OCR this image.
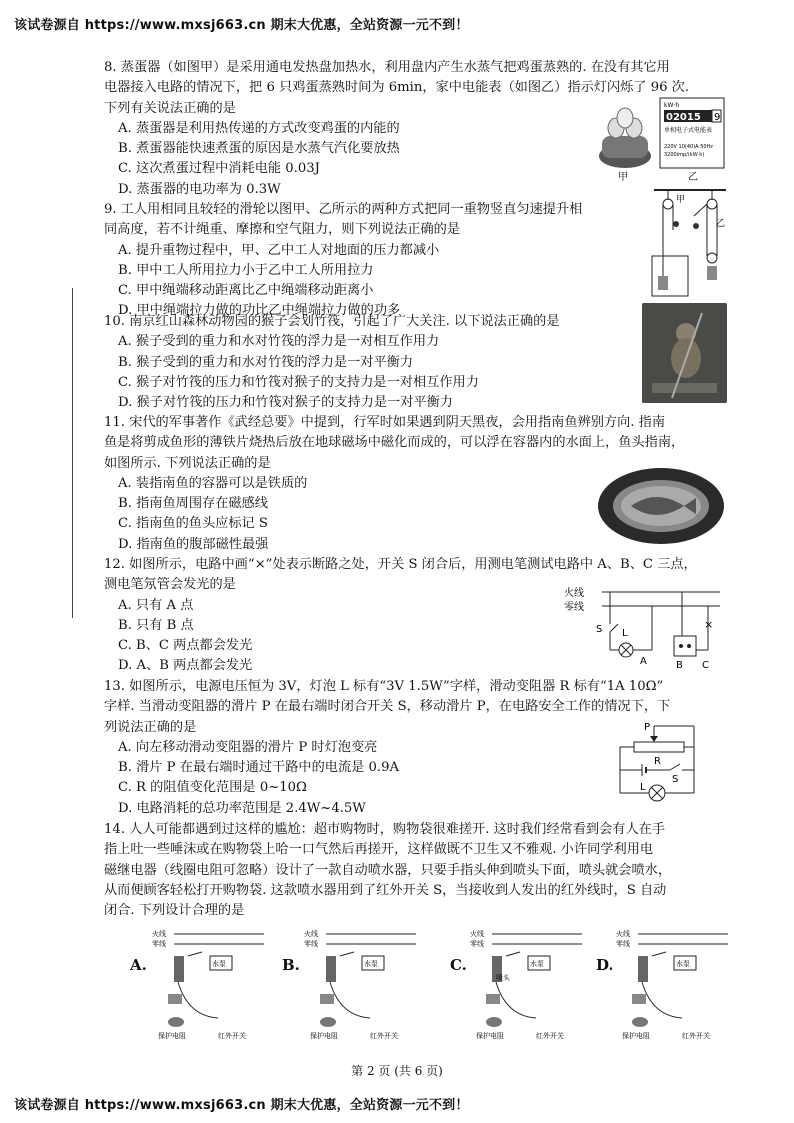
该试卷源自 https://www.mxsj663.cn 期末大优惠，全站资源一元不到！

8. 蒸蛋器（如图甲）是采用通电发热盘加热水，利用盘内产生水蒸气把鸡蛋蒸熟的. 在没有其它用

电器接入电路的情况下，把 6 只鸡蛋蒸熟时间为 6min，家中电能表（如图乙）指示灯闪烁了 96 次.

下列有关说法正确的是

A. 蒸蛋器是利用热传递的方式改变鸡蛋的内能的

B. 煮蛋器能快速煮蛋的原因是水蒸气汽化要放热

C. 这次煮蛋过程中消耗电能 0.03J

D. 蒸蛋器的电功率为 0.3W

kW·h
02015 9
单相电子式电能表
220V 10(40)A 50Hz
3200imp/(kW·h)
甲	乙

9. 工人用相同且较轻的滑轮以图甲、乙所示的两种方式把同一重物竖直匀速提升相

同高度，若不计绳重、摩擦和空气阻力，则下列说法正确的是

A. 提升重物过程中，甲、乙中工人对地面的压力都减小

B. 甲中工人所用拉力小于乙中工人所用拉力

C. 甲中绳端移动距离比乙中绳端移动距离小

D. 甲中绳端拉力做的功比乙中绳端拉力做的功多

甲
乙

10. 南京红山森林动物园的猴子会划竹筏，引起了广大关注. 以下说法正确的是

A. 猴子受到的重力和水对竹筏的浮力是一对相互作用力

B. 猴子受到的重力和水对竹筏的浮力是一对平衡力

C. 猴子对竹筏的压力和竹筏对猴子的支持力是一对相互作用力

D. 猴子对竹筏的压力和竹筏对猴子的支持力是一对平衡力

11. 宋代的军事著作《武经总要》中提到，行军时如果遇到阴天黑夜，会用指南鱼辨别方向. 指南

鱼是将剪成鱼形的薄铁片烧热后放在地球磁场中磁化而成的，可以浮在容器内的水面上，鱼头指南，

如图所示. 下列说法正确的是

A. 装指南鱼的容器可以是铁质的

B. 指南鱼周围存在磁感线

C. 指南鱼的鱼头应标记 S

D. 指南鱼的腹部磁性最强

12. 如图所示，电路中画“×”处表示断路之处，开关 S 闭合后，用测电笔测试电路中 A、B、C 三点，

测电笔氖管会发光的是

A. 只有 A 点

B. 只有 B 点

C. B、C 两点都会发光

D. A、B 两点都会发光

火线
零线
S L
A
×
B C

13. 如图所示，电源电压恒为 3V，灯泡 L 标有“3V 1.5W”字样，滑动变阻器 R 标有“1A 10Ω”

字样. 当滑动变阻器的滑片 P 在最右端时闭合开关 S，移动滑片 P，在电路安全工作的情况下，下

列说法正确的是

A. 向左移动滑动变阻器的滑片 P 时灯泡变亮

B. 滑片 P 在最右端时通过干路中的电流是 0.9A

C. R 的阻值变化范围是 0~10Ω

D. 电路消耗的总功率范围是 2.4W~4.5W

P
R
S
L

14. 人人可能都遇到过这样的尴尬：超市购物时，购物袋很难搓开. 这时我们经常看到会有人在手

指上吐一些唾沫或在购物袋上哈一口气然后再搓开，这样做既不卫生又不雅观. 小许同学利用电

磁继电器（线圈电阻可忽略）设计了一款自动喷水器，只要手指头伸到喷头下面，喷头就会喷水，

从而便顾客轻松打开购物袋. 这款喷水器用到了红外开关 S，当接收到人发出的红外线时，S 自动

闭合. 下列设计合理的是

A.	B.	C.	D.
火线
零线
水泵
保护电阻	红外开关
火线
零线
水泵
保护电阻	红外开关
火线
零线
水泵
喷头
保护电阻	红外开关
火线
零线
水泵
保护电阻	红外开关
第 2 页 (共 6 页)
该试卷源自 https://www.mxsj663.cn 期末大优惠，全站资源一元不到！
